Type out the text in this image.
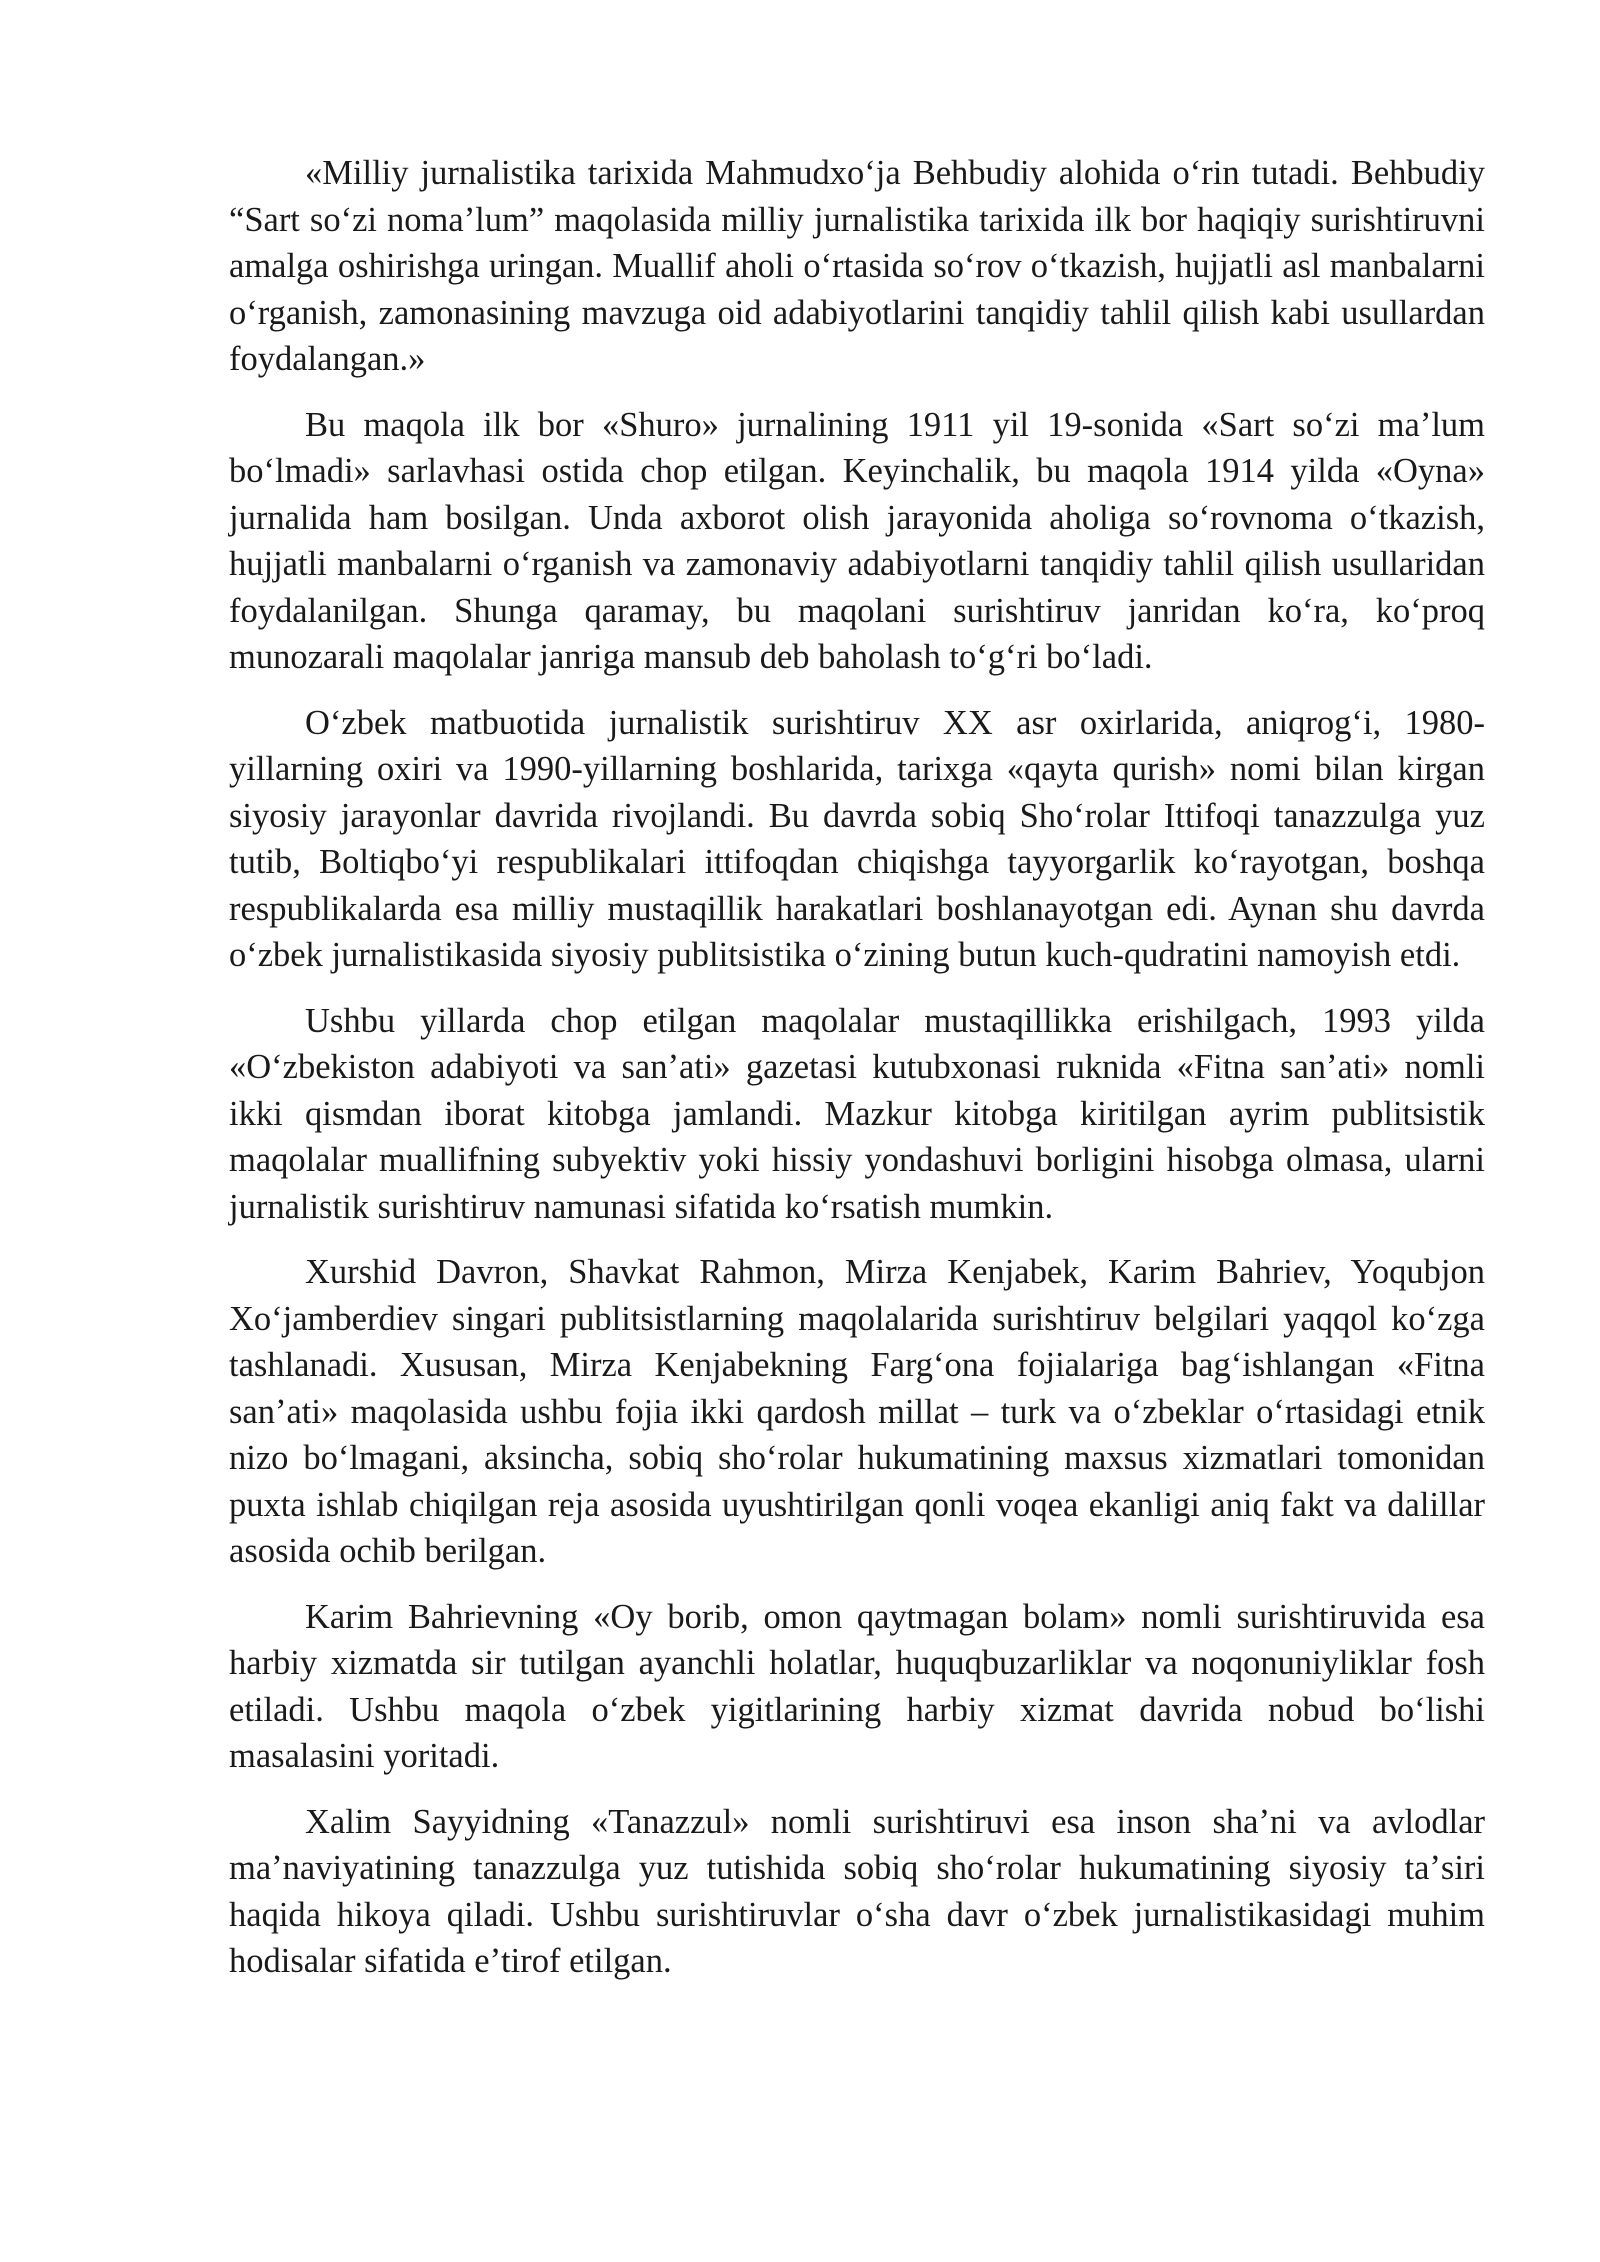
«Milliy jurnalistika tarixida Mahmudxoʻja Behbudiy alohida oʻrin tutadi. Behbudiy “Sart soʻzi nomaʼlum” maqolasida milliy jurnalistika tarixida ilk bor haqiqiy surishtiruvni amalga oshirishga uringan. Muallif aholi oʻrtasida soʻrov oʻtkazish, hujjatli asl manbalarni oʻrganish, zamonasining mavzuga oid adabiyotlarini tanqidiy tahlil qilish kabi usullardan foydalangan.»

Bu maqola ilk bor «Shuro» jurnalining 1911 yil 19-sonida «Sart soʻzi maʼlum boʻlmadi» sarlavhasi ostida chop etilgan. Keyinchalik, bu maqola 1914 yilda «Oyna» jurnalida ham bosilgan. Unda axborot olish jarayonida aholiga soʻrovnoma oʻtkazish, hujjatli manbalarni oʻrganish va zamonaviy adabiyotlarni tanqidiy tahlil qilish usullaridan foydalanilgan. Shunga qaramay, bu maqolani surishtiruv janridan koʻra, koʻproq munozarali maqolalar janriga mansub deb baholash toʻgʻri boʻladi.

Oʻzbek matbuotida jurnalistik surishtiruv XX asr oxirlarida, aniqrogʻi, 1980-yillarning oxiri va 1990-yillarning boshlarida, tarixga «qayta qurish» nomi bilan kirgan siyosiy jarayonlar davrida rivojlandi. Bu davrda sobiq Shoʻrolar Ittifoqi tanazzulga yuz tutib, Boltiqboʻyi respublikalari ittifoqdan chiqishga tayyorgarlik koʻrayotgan, boshqa respublikalarda esa milliy mustaqillik harakatlari boshlanayotgan edi. Aynan shu davrda oʻzbek jurnalistikasida siyosiy publitsistika oʻzining butun kuch-qudratini namoyish etdi.

Ushbu yillarda chop etilgan maqolalar mustaqillikka erishilgach, 1993 yilda «Oʻzbekiston adabiyoti va sanʼati» gazetasi kutubxonasi ruknida «Fitna sanʼati» nomli ikki qismdan iborat kitobga jamlandi. Mazkur kitobga kiritilgan ayrim publitsistik maqolalar muallifning subyektiv yoki hissiy yondashuvi borligini hisobga olmasa, ularni jurnalistik surishtiruv namunasi sifatida koʻrsatish mumkin.

Xurshid Davron, Shavkat Rahmon, Mirza Kenjabek, Karim Bahriev, Yoqubjon Xoʻjamberdiev singari publitsistlarning maqolalarida surishtiruv belgilari yaqqol koʻzga tashlanadi. Xususan, Mirza Kenjabekning Fargʻona fojialariga bagʻishlangan «Fitna sanʼati» maqolasida ushbu fojia ikki qardosh millat – turk va oʻzbeklar oʻrtasidagi etnik nizo boʻlmagani, aksincha, sobiq shoʻrolar hukumatining maxsus xizmatlari tomonidan puxta ishlab chiqilgan reja asosida uyushtirilgan qonli voqea ekanligi aniq fakt va dalillar asosida ochib berilgan.

Karim Bahrievning «Oy borib, omon qaytmagan bolam» nomli surishtiruvida esa harbiy xizmatda sir tutilgan ayanchli holatlar, huquqbuzarliklar va noqonuniyliklar fosh etiladi. Ushbu maqola oʻzbek yigitlarining harbiy xizmat davrida nobud boʻlishi masalasini yoritadi.

Xalim Sayyidning «Tanazzul» nomli surishtiruvi esa inson shaʼni va avlodlar maʼnaviyatining tanazzulga yuz tutishida sobiq shoʻrolar hukumatining siyosiy taʼsiri haqida hikoya qiladi. Ushbu surishtiruvlar oʻsha davr oʻzbek jurnalistikasidagi muhim hodisalar sifatida eʼtirof etilgan.
